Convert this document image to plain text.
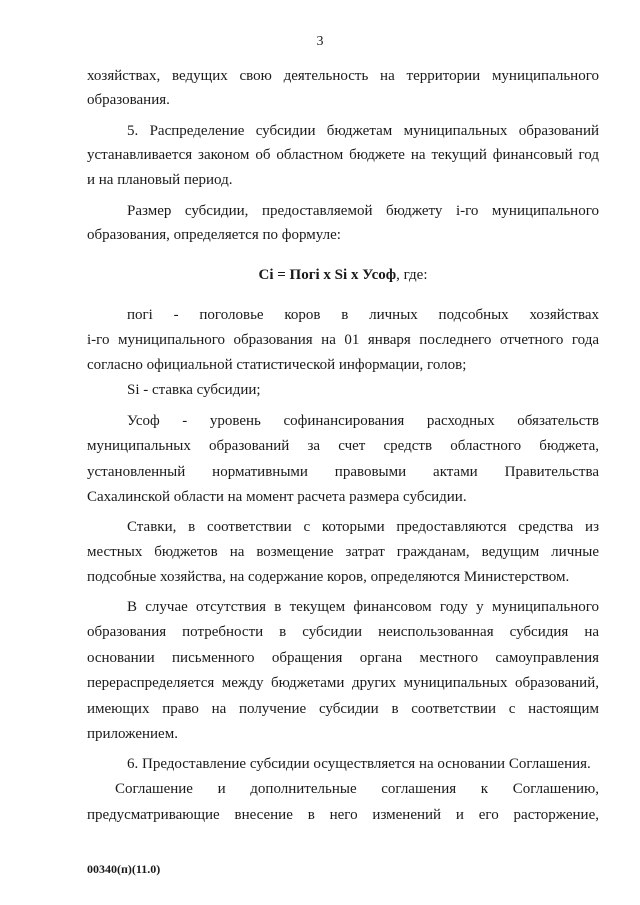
3
хозяйствах, ведущих свою деятельность на территории муниципального
образования.
5. Распределение субсидии бюджетам муниципальных образований
устанавливается законом об областном бюджете на текущий финансовый год
и на плановый период.
Размер субсидии, предоставляемой бюджету i-го муниципального
образования, определяется по формуле:
Ci = Погi x Si x Усоф, где:
погi - поголовье коров в личных подсобных хозяйствах
i-го муниципального образования на 01 января последнего отчетного года
согласно официальной статистической информации, голов;
Si - ставка субсидии;
Усоф - уровень софинансирования расходных обязательств
муниципальных образований за счет средств областного бюджета,
установленный нормативными правовыми актами Правительства
Сахалинской области на момент расчета размера субсидии.
Ставки, в соответствии с которыми предоставляются средства из
местных бюджетов на возмещение затрат гражданам, ведущим личные
подсобные хозяйства, на содержание коров, определяются Министерством.
В случае отсутствия в текущем финансовом году у муниципального
образования потребности в субсидии неиспользованная субсидия на
основании письменного обращения органа местного самоуправления
перераспределяется между бюджетами других муниципальных образований,
имеющих право на получение субсидии в соответствии с настоящим
приложением.
6. Предоставление субсидии осуществляется на основании Соглашения.
Соглашение и дополнительные соглашения к Соглашению,
предусматривающие внесение в него изменений и его расторжение,
00340(п)(11.0)
